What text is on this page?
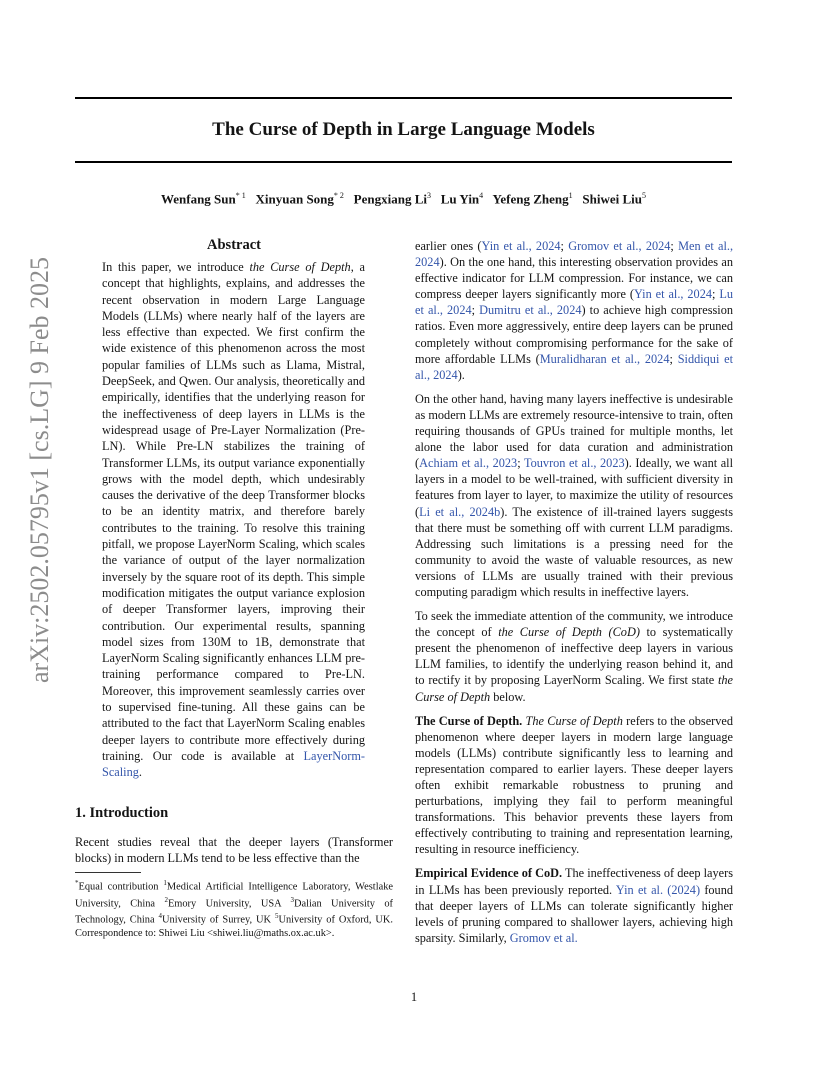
The Curse of Depth in Large Language Models
Wenfang Sun$^{* 1}$ Xinyuan Song$^{* 2}$ Pengxiang Li$^3$ Lu Yin$^4$ Yefeng Zheng$^1$ Shiwei Liu$^5$
arXiv:2502.05795v1 [cs.LG] 9 Feb 2025
Abstract
In this paper, we introduce the Curse of Depth, a concept that highlights, explains, and addresses the recent observation in modern Large Language Models (LLMs) where nearly half of the layers are less effective than expected. We first confirm the wide existence of this phenomenon across the most popular families of LLMs such as Llama, Mistral, DeepSeek, and Qwen. Our analysis, theoretically and empirically, identifies that the underlying reason for the ineffectiveness of deep layers in LLMs is the widespread usage of Pre-Layer Normalization (Pre-LN). While Pre-LN stabilizes the training of Transformer LLMs, its output variance exponentially grows with the model depth, which undesirably causes the derivative of the deep Transformer blocks to be an identity matrix, and therefore barely contributes to the training. To resolve this training pitfall, we propose LayerNorm Scaling, which scales the variance of output of the layer normalization inversely by the square root of its depth. This simple modification mitigates the output variance explosion of deeper Transformer layers, improving their contribution. Our experimental results, spanning model sizes from 130M to 1B, demonstrate that LayerNorm Scaling significantly enhances LLM pre-training performance compared to Pre-LN. Moreover, this improvement seamlessly carries over to supervised fine-tuning. All these gains can be attributed to the fact that LayerNorm Scaling enables deeper layers to contribute more effectively during training. Our code is available at LayerNorm-Scaling.
1. Introduction
Recent studies reveal that the deeper layers (Transformer blocks) in modern LLMs tend to be less effective than the
*Equal contribution $^1$Medical Artificial Intelligence Laboratory, Westlake University, China $^2$Emory University, USA $^3$Dalian University of Technology, China $^4$University of Surrey, UK $^5$University of Oxford, UK. Correspondence to: Shiwei Liu <shiwei.liu@maths.ox.ac.uk>.

earlier ones (Yin et al., 2024; Gromov et al., 2024; Men et al., 2024). On the one hand, this interesting observation provides an effective indicator for LLM compression. For instance, we can compress deeper layers significantly more (Yin et al., 2024; Lu et al., 2024; Dumitru et al., 2024) to achieve high compression ratios. Even more aggressively, entire deep layers can be pruned completely without compromising performance for the sake of more affordable LLMs (Muralidharan et al., 2024; Siddiqui et al., 2024).

On the other hand, having many layers ineffective is undesirable as modern LLMs are extremely resource-intensive to train, often requiring thousands of GPUs trained for multiple months, let alone the labor used for data curation and administration (Achiam et al., 2023; Touvron et al., 2023). Ideally, we want all layers in a model to be well-trained, with sufficient diversity in features from layer to layer, to maximize the utility of resources (Li et al., 2024b). The existence of ill-trained layers suggests that there must be something off with current LLM paradigms. Addressing such limitations is a pressing need for the community to avoid the waste of valuable resources, as new versions of LLMs are usually trained with their previous computing paradigm which results in ineffective layers.

To seek the immediate attention of the community, we introduce the concept of the Curse of Depth (CoD) to systematically present the phenomenon of ineffective deep layers in various LLM families, to identify the underlying reason behind it, and to rectify it by proposing LayerNorm Scaling. We first state the Curse of Depth below.

The Curse of Depth. The Curse of Depth refers to the observed phenomenon where deeper layers in modern large language models (LLMs) contribute significantly less to learning and representation compared to earlier layers. These deeper layers often exhibit remarkable robustness to pruning and perturbations, implying they fail to perform meaningful transformations. This behavior prevents these layers from effectively contributing to training and representation learning, resulting in resource inefficiency.

Empirical Evidence of CoD. The ineffectiveness of deep layers in LLMs has been previously reported. Yin et al. (2024) found that deeper layers of LLMs can tolerate significantly higher levels of pruning compared to shallower layers, achieving high sparsity. Similarly, Gromov et al.

1
